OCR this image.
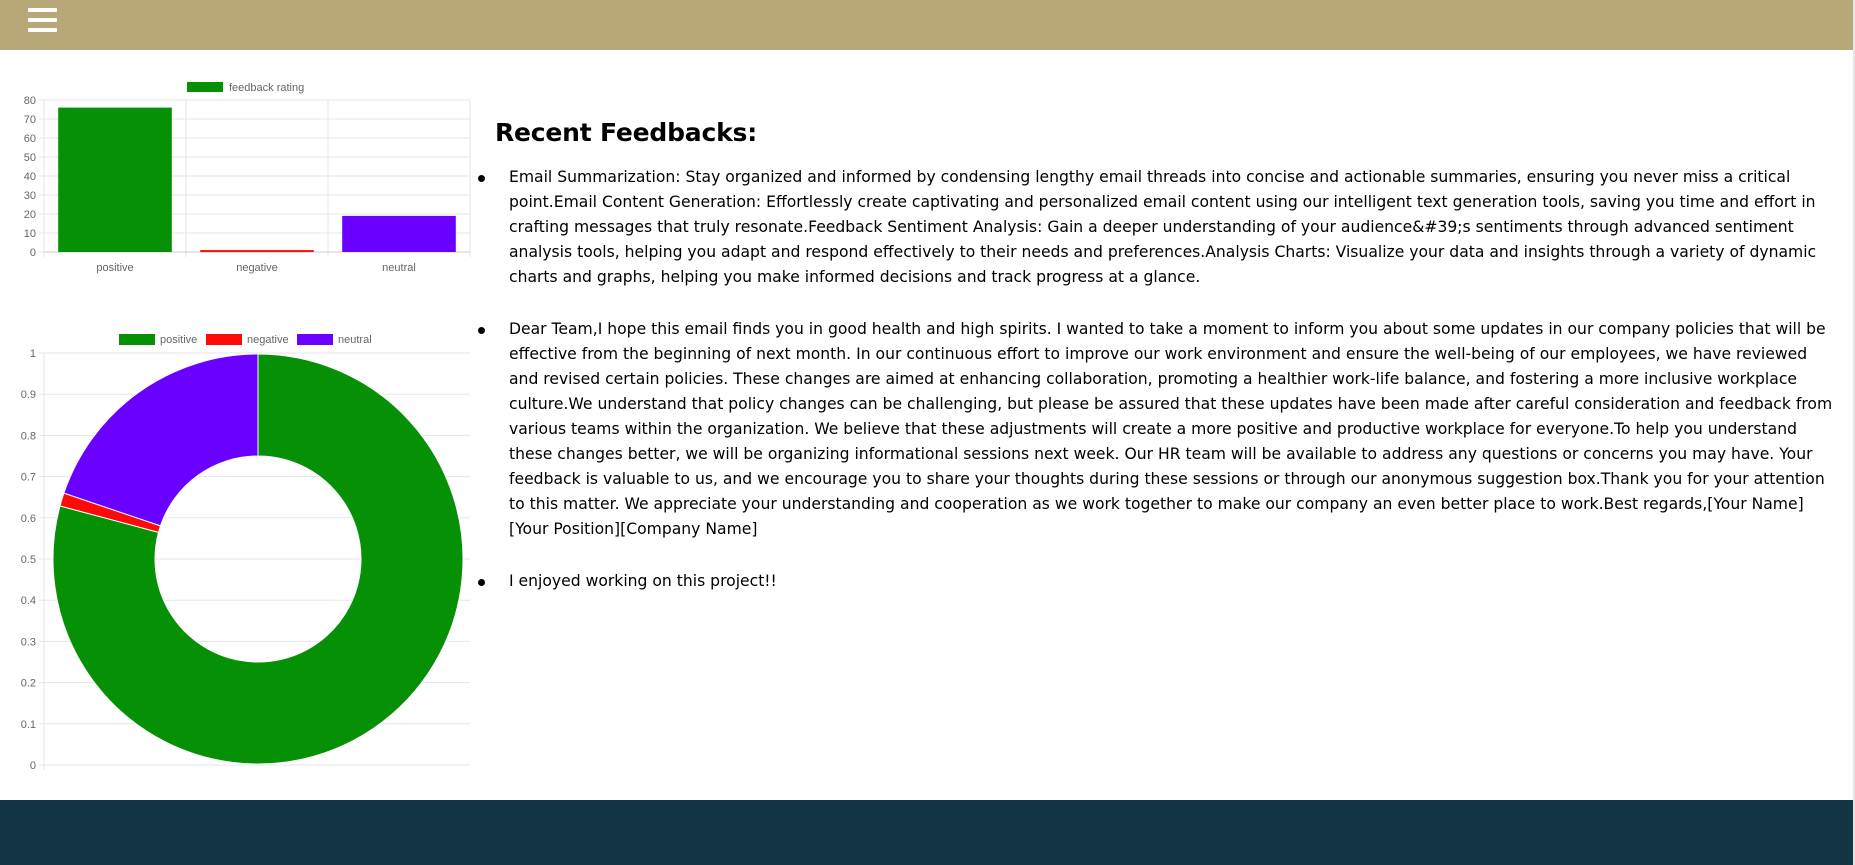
feedback rating
0
10
20
30
40
50
60
70
80
positive	negative	neutral
positive	negative	neutral
0
0.1
0.2
0.3
0.4
0.5
0.6
0.7
0.8
0.9
1
Recent Feedbacks:
Email Summarization: Stay organized and informed by condensing lengthy email threads into concise and actionable summaries, ensuring you never miss a critical point.Email Content Generation: Effortlessly create captivating and personalized email content using our intelligent text generation tools, saving you time and effort in crafting messages that truly resonate.Feedback Sentiment Analysis: Gain a deeper understanding of your audience&#39;s sentiments through advanced sentiment analysis tools, helping you adapt and respond effectively to their needs and preferences.Analysis Charts: Visualize your data and insights through a variety of dynamic charts and graphs, helping you make informed decisions and track progress at a glance.
Dear Team,I hope this email finds you in good health and high spirits. I wanted to take a moment to inform you about some updates in our company policies that will be effective from the beginning of next month. In our continuous effort to improve our work environment and ensure the well-being of our employees, we have reviewed and revised certain policies. These changes are aimed at enhancing collaboration, promoting a healthier work-life balance, and fostering a more inclusive workplace culture.We understand that policy changes can be challenging, but please be assured that these updates have been made after careful consideration and feedback from various teams within the organization. We believe that these adjustments will create a more positive and productive workplace for everyone.To help you understand these changes better, we will be organizing informational sessions next week. Our HR team will be available to address any questions or concerns you may have. Your feedback is valuable to us, and we encourage you to share your thoughts during these sessions or through our anonymous suggestion box.Thank you for your attention to this matter. We appreciate your understanding and cooperation as we work together to make our company an even better place to work.Best regards,[Your Name][Your Position][Company Name]
I enjoyed working on this project!!
